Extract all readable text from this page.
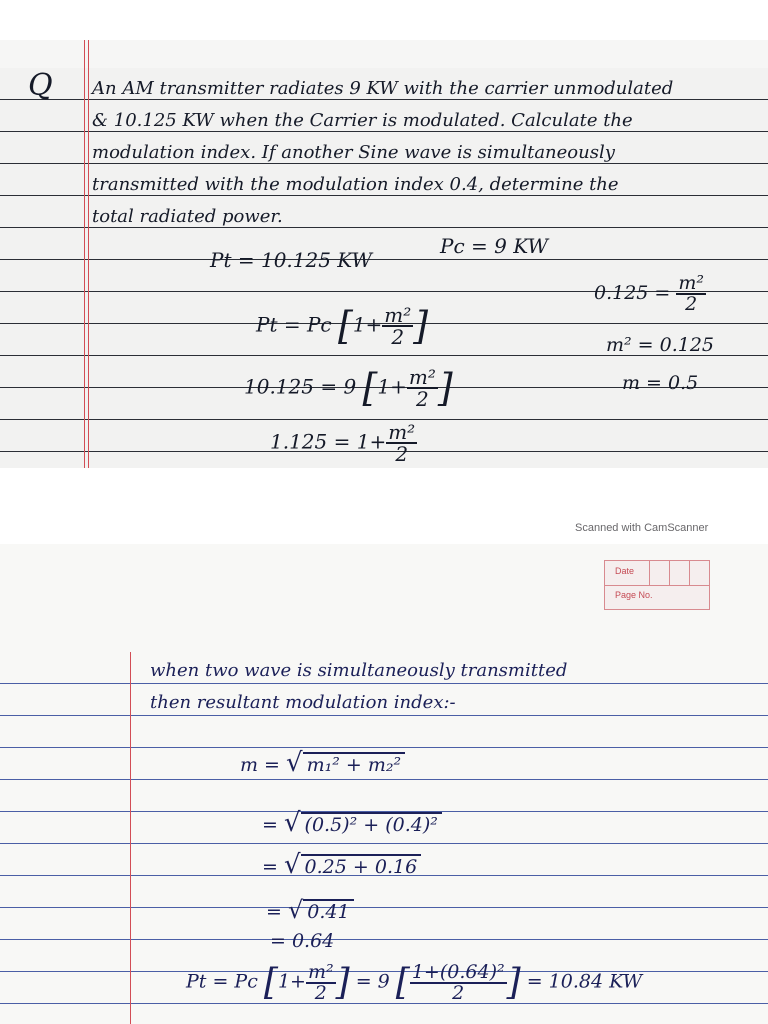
Q An AM transmitter radiates 9 KW with the carrier unmodulated
& 10.125 KW when the Carrier is modulated. Calculate the
modulation index. If another Sine wave is simultaneously
transmitted with the modulation index 0.4, determine the
total radiated power.
Pt = 10.125 KW
Pc = 9 KW
Pt = Pc [$1+ \frac{\text{m²}}{2}$ ]
10.125 = 9 [$1+ \frac{\text{m²}}{2}$ ]
$1.125 = 1+ \frac{\text{m²}}{2}$
$0.125 = \frac{\text{m²}}{2}$
m² = 0.125
m = 0.5
Scanned with CamScanner
Date
Page No.
when two wave is simultaneously transmitted
then resultant modulation index:-
m = √ m₁² + m₂²
= √ (0.5)² + (0.4)²
= √ 0.25 + 0.16
= √ 0.41
= 0.64
Pt = Pc [$1+ \frac{\text{m²}}{2}$ ] = 9 [ $\frac{\text{1+(0.64)²}}{2}$ ] = 10.84 KW
